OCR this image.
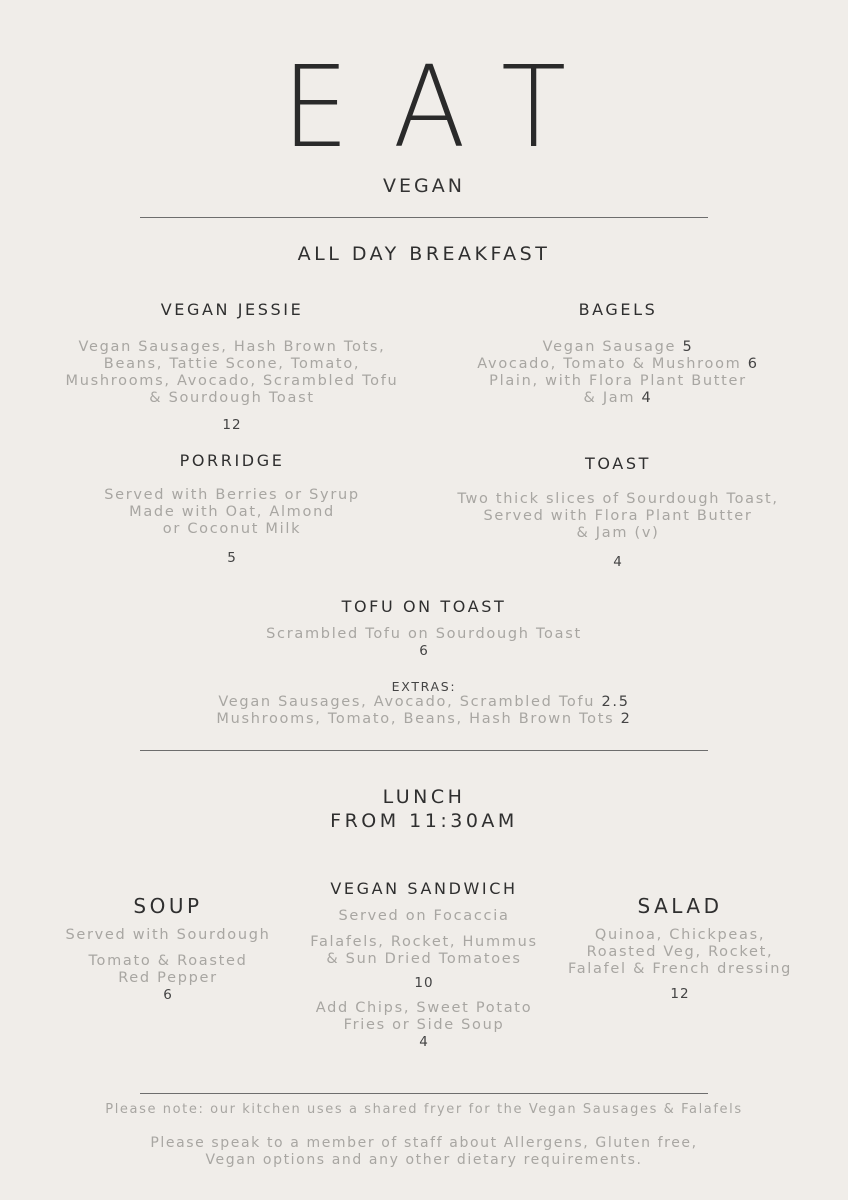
EAT
VEGAN
ALL DAY BREAKFAST
VEGAN JESSIE
Vegan Sausages, Hash Brown Tots,
Beans, Tattie Scone, Tomato,
Mushrooms, Avocado, Scrambled Tofu
& Sourdough Toast
12
BAGELS
Vegan Sausage 5
Avocado, Tomato & Mushroom 6
Plain, with Flora Plant Butter
& Jam 4
PORRIDGE
Served with Berries or Syrup
Made with Oat, Almond
or Coconut Milk
5
TOAST
Two thick slices of Sourdough Toast,
Served with Flora Plant Butter
& Jam (v)
4
TOFU ON TOAST
Scrambled Tofu on Sourdough Toast
6
EXTRAS:
Vegan Sausages, Avocado, Scrambled Tofu 2.5
Mushrooms, Tomato, Beans, Hash Brown Tots 2
LUNCH
FROM 11:30AM
SOUP
Served with Sourdough
Tomato & Roasted
Red Pepper
6
VEGAN SANDWICH
Served on Focaccia
Falafels, Rocket, Hummus
& Sun Dried Tomatoes
10
Add Chips, Sweet Potato
Fries or Side Soup
4
SALAD
Quinoa, Chickpeas,
Roasted Veg, Rocket,
Falafel & French dressing
12
Please note: our kitchen uses a shared fryer for the Vegan Sausages & Falafels
Please speak to a member of staff about Allergens, Gluten free,
Vegan options and any other dietary requirements.
